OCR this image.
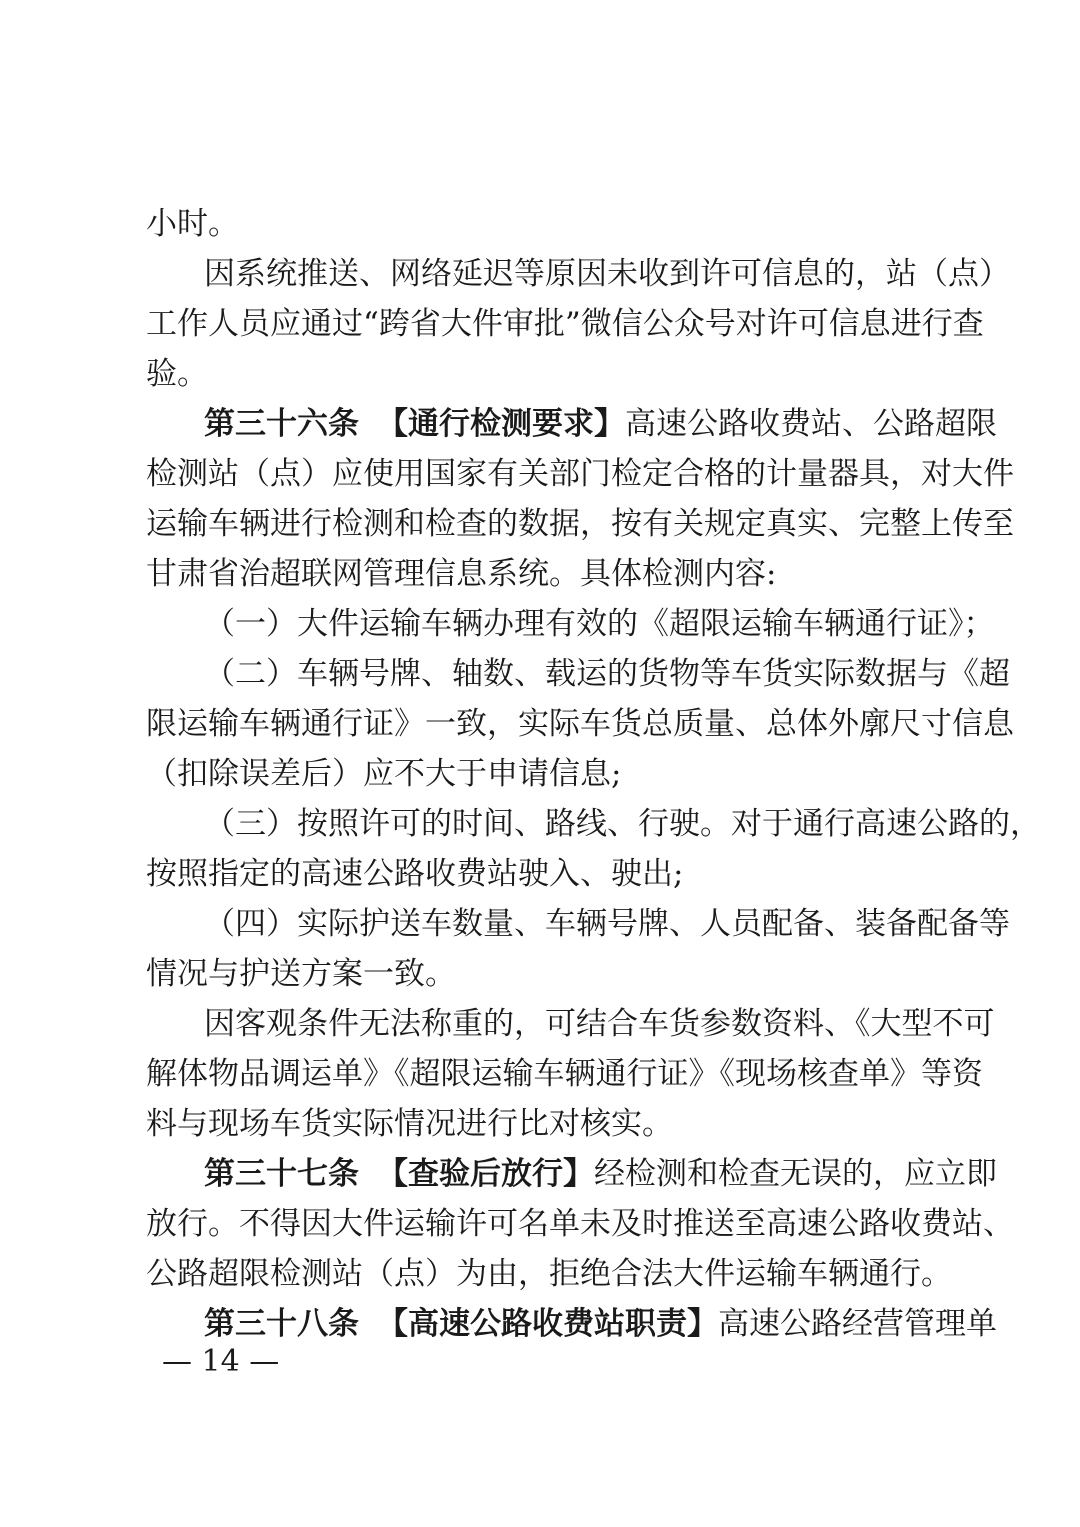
小时。
因系统推送、网络延迟等原因未收到许可信息的，站（点）
工作人员应通过“跨省大件审批”微信公众号对许可信息进行查
验。
第三十六条 【通行检测要求】高速公路收费站、公路超限
检测站（点）应使用国家有关部门检定合格的计量器具，对大件
运输车辆进行检测和检查的数据，按有关规定真实、完整上传至
甘肃省治超联网管理信息系统。具体检测内容:
（一）大件运输车辆办理有效的《超限运输车辆通行证》；
（二）车辆号牌、轴数、载运的货物等车货实际数据与《超
限运输车辆通行证》一致，实际车货总质量、总体外廓尺寸信息
（扣除误差后）应不大于申请信息;
（三）按照许可的时间、路线、行驶。对于通行高速公路的，
按照指定的高速公路收费站驶入、驶出;
（四）实际护送车数量、车辆号牌、人员配备、装备配备等
情况与护送方案一致。
因客观条件无法称重的，可结合车货参数资料、《大型不可
解体物品调运单》《超限运输车辆通行证》《现场核查单》等资
料与现场车货实际情况进行比对核实。
第三十七条 【查验后放行】经检测和检查无误的，应立即
放行。不得因大件运输许可名单未及时推送至高速公路收费站、
公路超限检测站（点）为由，拒绝合法大件运输车辆通行。
第三十八条 【高速公路收费站职责】高速公路经营管理单
— 14 —
